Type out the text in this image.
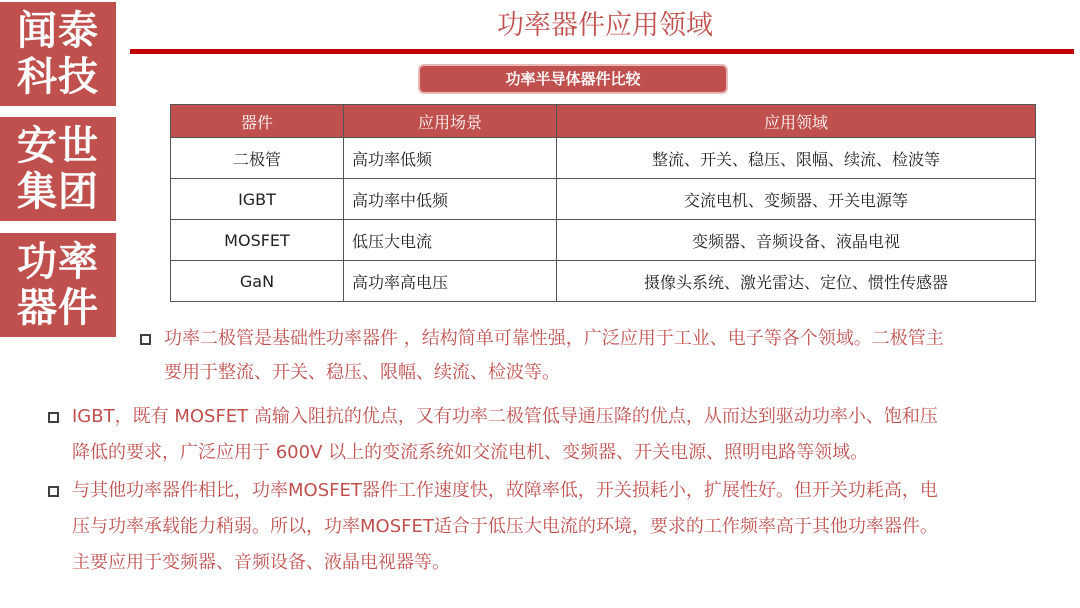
闻泰
科技
安世
集团
功率
器件
功率器件应用领域
功率半导体器件比较
器件	应用场景	应用领域
二极管	高功率低频	整流、开关、稳压、限幅、续流、检波等
IGBT	高功率中低频	交流电机、变频器、开关电源等
MOSFET	低压大电流	变频器、音频设备、液晶电视
GaN	高功率高电压	摄像头系统、激光雷达、定位、惯性传感器
功率二极管是基础性功率器件 ，结构简单可靠性强，广泛应用于工业、电子等各个领域。二极管主
要用于整流、开关、稳压、限幅、续流、检波等。
IGBT，既有 MOSFET 高输入阻抗的优点，又有功率二极管低导通压降的优点，从而达到驱动功率小、饱和压
降低的要求，广泛应用于 600V 以上的变流系统如交流电机、变频器、开关电源、照明电路等领域。
与其他功率器件相比，功率MOSFET器件工作速度快，故障率低，开关损耗小，扩展性好。但开关功耗高，电
压与功率承载能力稍弱。所以，功率MOSFET适合于低压大电流的环境，要求的工作频率高于其他功率器件。
主要应用于变频器、音频设备、液晶电视器等。
